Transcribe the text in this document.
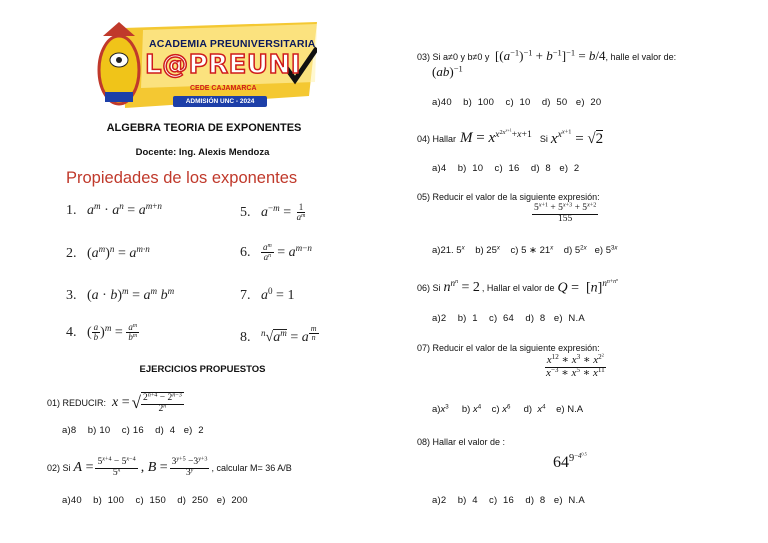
ACADEMIA PREUNIVERSITARIA
L@PREUNI
CEDE CAJAMARCA
ADMISIÓN UNC - 2024
ALGEBRA TEORIA DE EXPONENTES
Docente: Ing. Alexis Mendoza
Propiedades de los exponentes
1. $a^m \cdot a^n = a^{m+n}$	5. $a^{-m} = \frac{1}{a^m}$
2.   $(a^m)^n = a^{m\cdot n}$	6. $\frac{a^m}{a^n} = a^{m-n}$
3.   $(a \cdot b)^m = a^m$ $b^m$	7. $a^0 = 1$
4.   ( $\frac{a}{b} )^m = \frac{a^m}{b^m}$	8. $^n√a^m = a$ $^{\frac{m}{n}}$
EJERCICIOS PROPUESTOS
01) REDUCIR: x = √ $\frac{2^{n+4} - 2^{n-3}}{2^n}$
a)8    b) 10    c) 16    d)  4   e)  2
02) Si $A = \frac{5^{x+4} - 5^{x-4}}{5^x}$ , $B = \frac{3^{y+5} -3^{y+3}}{3^y}$ , calcular M= 36 A/B
a)40    b)  100    c)  150    d)  250   e)  200
03) Si a≠0 y b≠0 y $[(a^{-1})^{-1} + b^{-1}]^{-1} = b/4$, halle el valor de:
(ab)$^{-1}$
a)40    b)  100    c)  10    d)  50   e)  20
04) Hallar $M = x^{x^{2x^{x+1}}+x+1}$ Si $x^{x^{x+1}} = √2$
a)4    b)  10    c)  16    d)  8   e)  2
05) Reducir el valor de la siguiente expresión:
$\frac{5^{x+1} + 5^{x+3} + 5^{x+2}}{155}$
a)21. 5$^x$    b) 25$^x$    c) 5 ∗ 21$^x$    d) $5^{2x}$   e) $5^{3x}$
06) Si $n^{n^n} = 2$ , Hallar el valor de $Q = [n]^{n^{n+n^n}}$
a)2    b)  1    c)  64    d)  8   e)  N.A
07) Reducir el valor de la siguiente expresión:
$\frac{x^{12} ∗ x^3 ∗ x^{2^2}}{x^{-3} ∗ x^5 ∗ x^{11}}$
$a)x^3$     b) $x^4$    c) $x^6$     d)  $x^4$    e) N.A
08) Hallar el valor de :
$64^{9^{-4^{0.5}}}$
a)2    b)  4    c)  16    d)  8   e)  N.A
